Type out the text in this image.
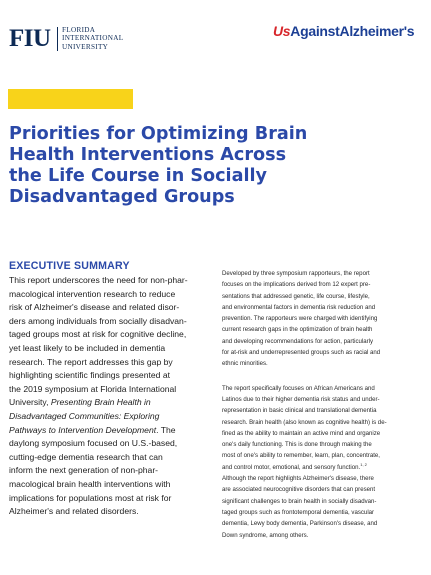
FIU FLORIDA
INTERNATIONAL
UNIVERSITY
UsAgainstAlzheimer's
Priorities for Optimizing Brain
Health Interventions Across
the Life Course in Socially
Disadvantaged Groups
EXECUTIVE SUMMARY

This report underscores the need for non-phar-
macological intervention research to reduce
risk of Alzheimer's disease and related disor-
ders among individuals from socially disadvan-
taged groups most at risk for cognitive decline,
yet least likely to be included in dementia
research. The report addresses this gap by
highlighting scientific findings presented at
the 2019 symposium at Florida International
University, Presenting Brain Health in
Disadvantaged Communities: Exploring
Pathways to Intervention Development. The
daylong symposium focused on U.S.-based,
cutting-edge dementia research that can
inform the next generation of non-phar-
macological brain health interventions with
implications for populations most at risk for
Alzheimer's and related disorders.

Developed by three symposium rapporteurs, the report
focuses on the implications derived from 12 expert pre-
sentations that addressed genetic, life course, lifestyle,
and environmental factors in dementia risk reduction and
prevention. The rapporteurs were charged with identifying
current research gaps in the optimization of brain health
and developing recommendations for action, particularly
for at-risk and underrepresented groups such as racial and
ethnic minorities.

The report specifically focuses on African Americans and
Latinos due to their higher dementia risk status and under-
representation in basic clinical and translational dementia
research. Brain health (also known as cognitive health) is de-
fined as the ability to maintain an active mind and organize
one's daily functioning. This is done through making the
most of one's ability to remember, learn, plan, concentrate,
and control motor, emotional, and sensory function.$^{1, 2}$
Although the report highlights Alzheimer's disease, there
are associated neurocognitive disorders that can present
significant challenges to brain health in socially disadvan-
taged groups such as frontotemporal dementia, vascular
dementia, Lewy body dementia, Parkinson's disease, and
Down syndrome, among others.
